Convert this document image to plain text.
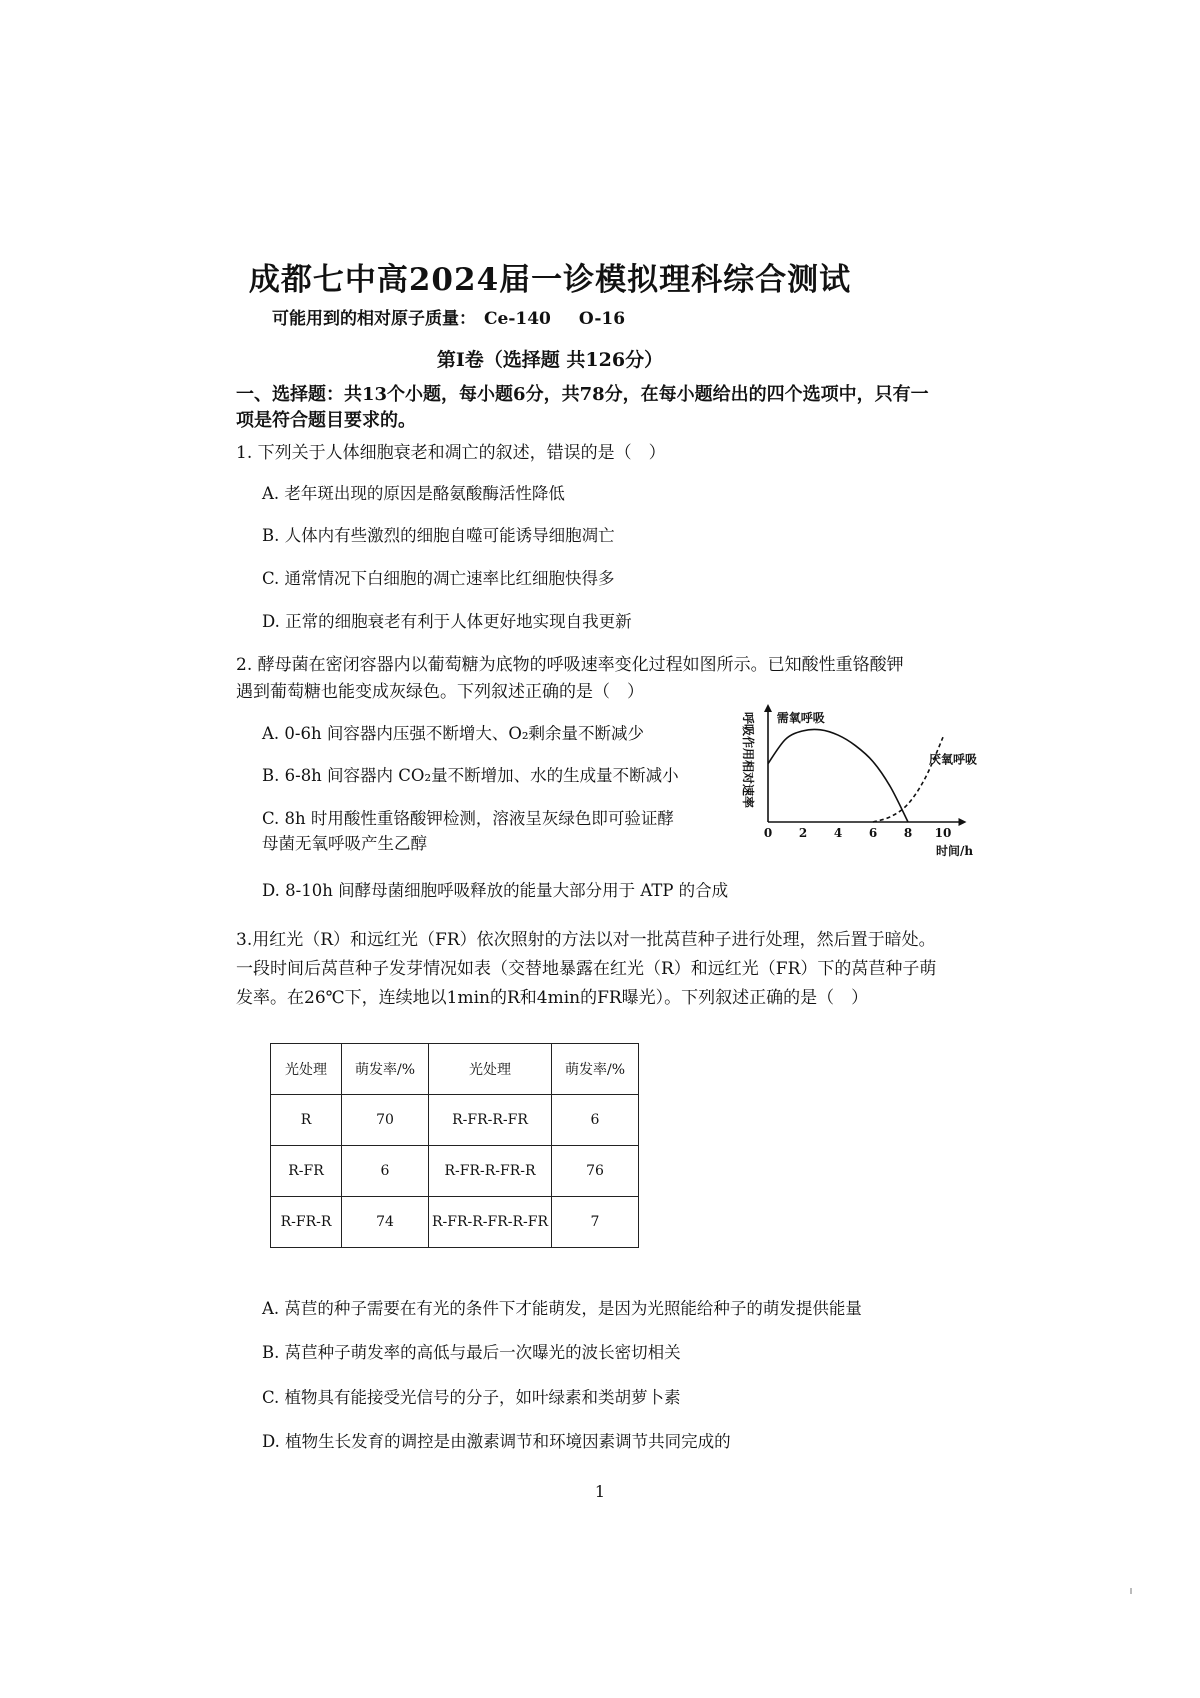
成都七中高2024届一诊模拟理科综合测试
可能用到的相对原子质量： Ce-140 O-16
第Ⅰ卷（选择题 共126分）
一、选择题：共13个小题，每小题6分，共78分，在每小题给出的四个选项中，只有一
项是符合题目要求的。
1. 下列关于人体细胞衰老和凋亡的叙述，错误的是（　）
A. 老年斑出现的原因是酪氨酸酶活性降低
B. 人体内有些激烈的细胞自噬可能诱导细胞凋亡
C. 通常情况下白细胞的凋亡速率比红细胞快得多
D. 正常的细胞衰老有利于人体更好地实现自我更新
2. 酵母菌在密闭容器内以葡萄糖为底物的呼吸速率变化过程如图所示。已知酸性重铬酸钾
遇到葡萄糖也能变成灰绿色。下列叙述正确的是（　）
A. 0-6h 间容器内压强不断增大、O₂剩余量不断减少
B. 6-8h 间容器内 CO₂量不断增加、水的生成量不断减小
C. 8h 时用酸性重铬酸钾检测，溶液呈灰绿色即可验证酵
母菌无氧呼吸产生乙醇
D. 8-10h 间酵母菌细胞呼吸释放的能量大部分用于 ATP 的合成
呼吸作用相对速率
0 2 4 6 8 10
需氧呼吸
厌氧呼吸
时间/h
3.用红光（R）和远红光（FR）依次照射的方法以对一批莴苣种子进行处理，然后置于暗处。
一段时间后莴苣种子发芽情况如表（交替地暴露在红光（R）和远红光（FR）下的莴苣种子萌
发率。在26℃下，连续地以1min的R和4min的FR曝光）。下列叙述正确的是（　）
光处理	萌发率/%	光处理	萌发率/%
R	70	R-FR-R-FR	6
R-FR	6	R-FR-R-FR-R	76
R-FR-R	74	R-FR-R-FR-R-FR	7
A. 莴苣的种子需要在有光的条件下才能萌发，是因为光照能给种子的萌发提供能量
B. 莴苣种子萌发率的高低与最后一次曝光的波长密切相关
C. 植物具有能接受光信号的分子，如叶绿素和类胡萝卜素
D. 植物生长发育的调控是由激素调节和环境因素调节共同完成的
1
